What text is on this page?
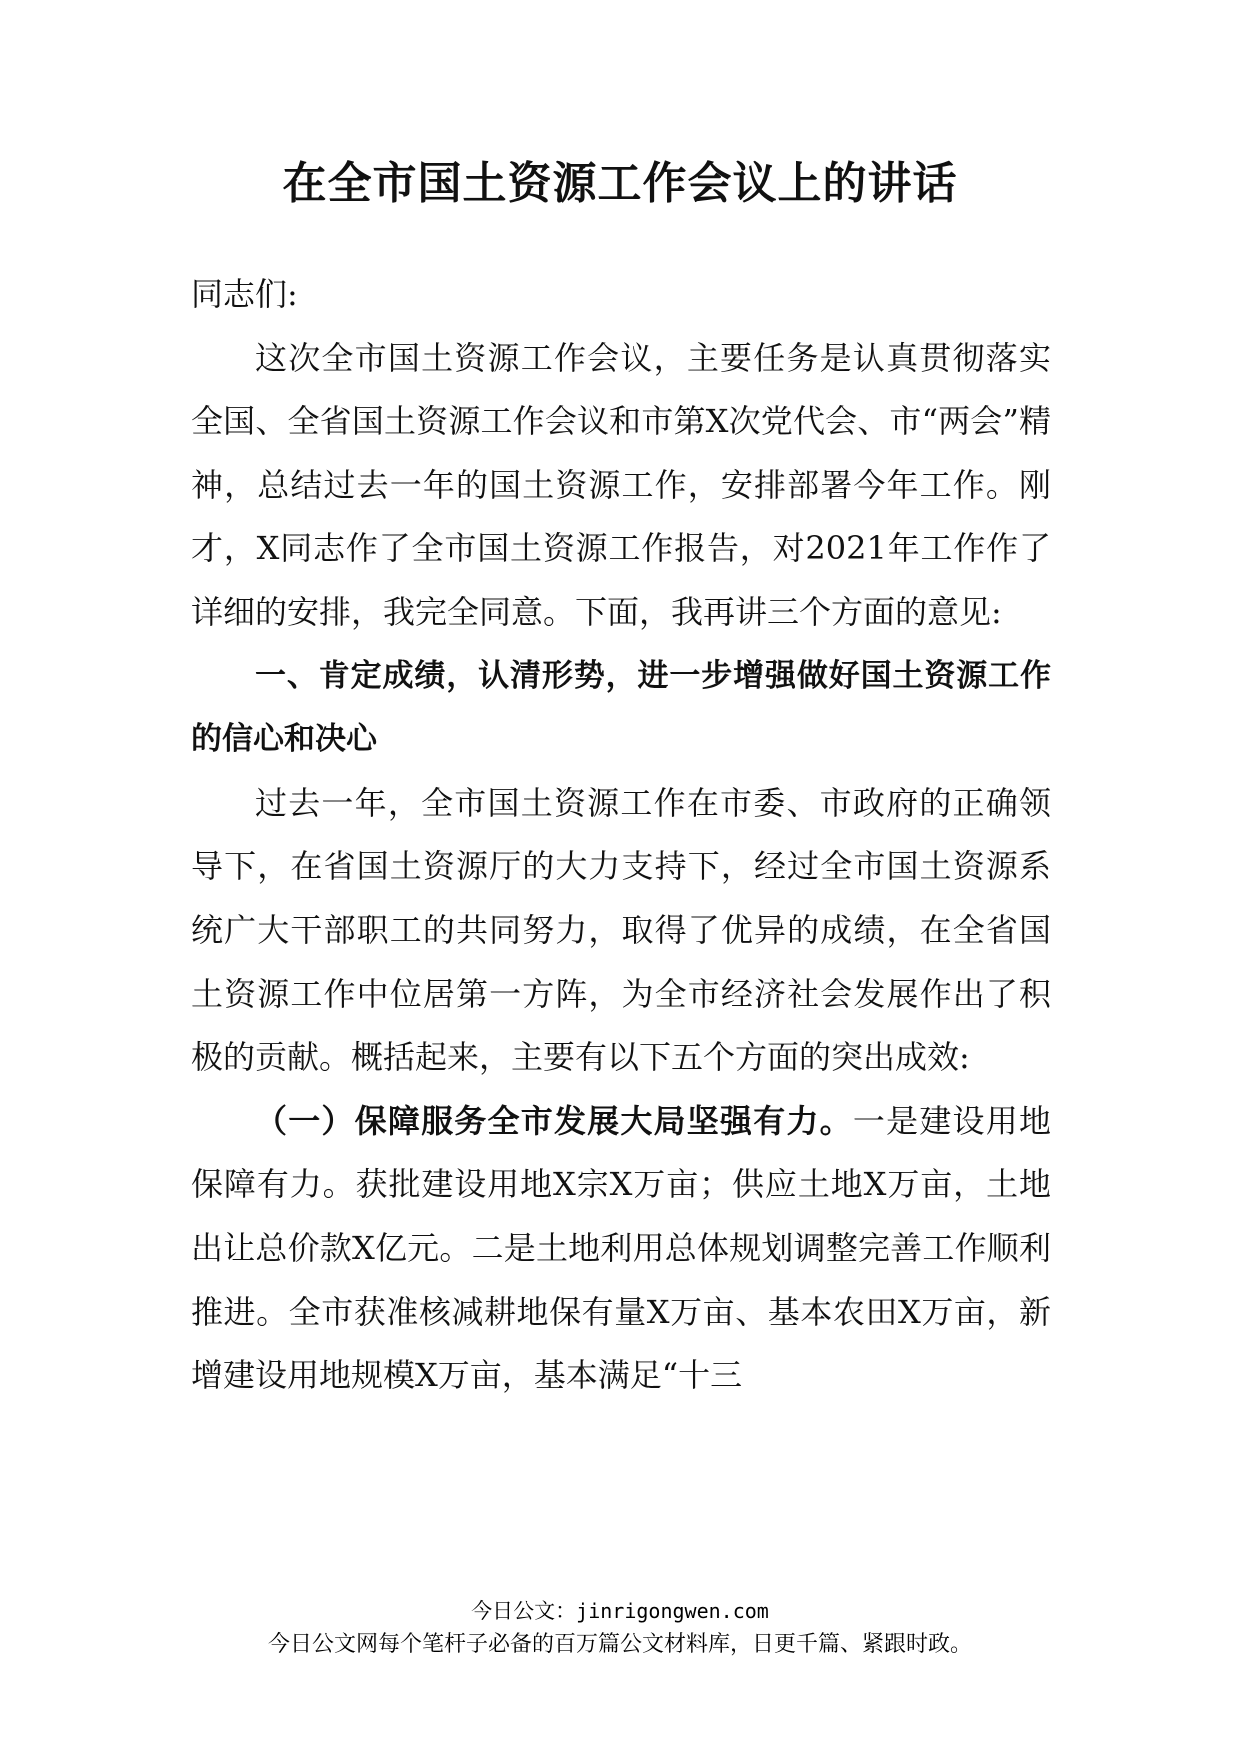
在全市国土资源工作会议上的讲话

同志们:

这次全市国土资源工作会议，主要任务是认真贯彻落实全国、全省国土资源工作会议和市第X次党代会、市“两会”精神，总结过去一年的国土资源工作，安排部署今年工作。刚才，X同志作了全市国土资源工作报告，对2021年工作作了详细的安排，我完全同意。下面，我再讲三个方面的意见:

一、肯定成绩，认清形势，进一步增强做好国土资源工作的信心和决心

过去一年，全市国土资源工作在市委、市政府的正确领导下，在省国土资源厅的大力支持下，经过全市国土资源系统广大干部职工的共同努力，取得了优异的成绩，在全省国土资源工作中位居第一方阵，为全市经济社会发展作出了积极的贡献。概括起来，主要有以下五个方面的突出成效:

（一）保障服务全市发展大局坚强有力。一是建设用地保障有力。获批建设用地X宗X万亩；供应土地X万亩，土地出让总价款X亿元。二是土地利用总体规划调整完善工作顺利推进。全市获准核减耕地保有量X万亩、基本农田X万亩，新增建设用地规模X万亩，基本满足“十三

今日公文：jinrigongwen.com
今日公文网每个笔杆子必备的百万篇公文材料库，日更千篇、紧跟时政。
